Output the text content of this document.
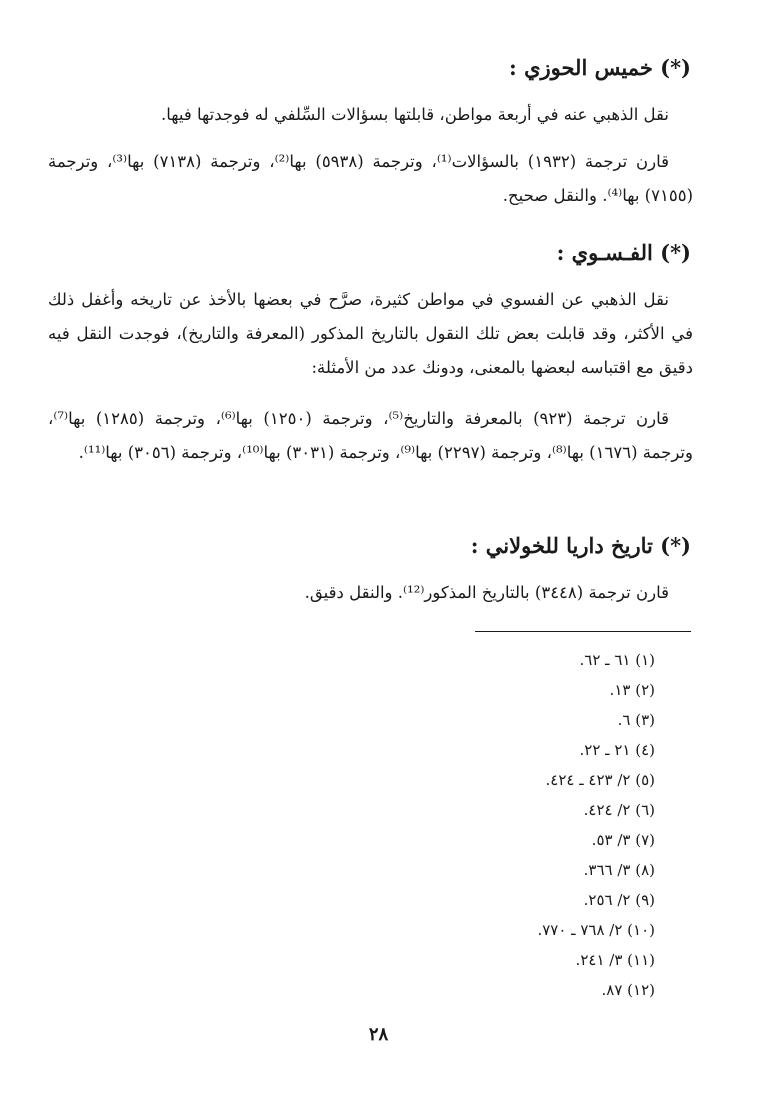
(*) خميس الحوزي :

نقل الذهبي عنه في أربعة مواطن، قابلتها بسؤالات السِّلفي له فوجدتها فيها.

قارن ترجمة (١٩٣٢) بالسؤالات⁽¹⁾، وترجمة (٥٩٣٨) بها⁽²⁾، وترجمة (٧١٣٨) بها⁽³⁾، وترجمة (٧١٥٥) بها⁽⁴⁾. والنقل صحيح.

(*) الفـسـوي :

نقل الذهبي عن الفسوي في مواطن كثيرة، صرَّح في بعضها بالأخذ عن تاريخه وأغفل ذلك في الأكثر، وقد قابلت بعض تلك النقول بالتاريخ المذكور (المعرفة والتاريخ)، فوجدت النقل فيه دقيق مع اقتباسه لبعضها بالمعنى، ودونك عدد من الأمثلة:

قارن ترجمة (٩٢٣) بالمعرفة والتاريخ⁽⁵⁾، وترجمة (١٢٥٠) بها⁽⁶⁾، وترجمة (١٢٨٥) بها⁽⁷⁾، وترجمة (١٦٧٦) بها⁽⁸⁾، وترجمة (٢٢٩٧) بها⁽⁹⁾، وترجمة (٣٠٣١) بها⁽¹⁰⁾، وترجمة (٣٠٥٦) بها⁽¹¹⁾.

(*) تاريخ داريا للخولاني :

قارن ترجمة (٣٤٤٨) بالتاريخ المذكور⁽¹²⁾. والنقل دقيق.

(١) ٦١ ـ ٦٢.
(٢) ١٣.
(٣) ٦.
(٤) ٢١ ـ ٢٢.
(٥) ٢/ ٤٢٣ ـ ٤٢٤.
(٦) ٢/ ٤٢٤.
(٧) ٣/ ٥٣.
(٨) ٣/ ٣٦٦.
(٩) ٢/ ٢٥٦.
(١٠) ٢/ ٧٦٨ ـ ٧٧٠.
(١١) ٣/ ٢٤١.
(١٢) ٨٧.
٢٨
